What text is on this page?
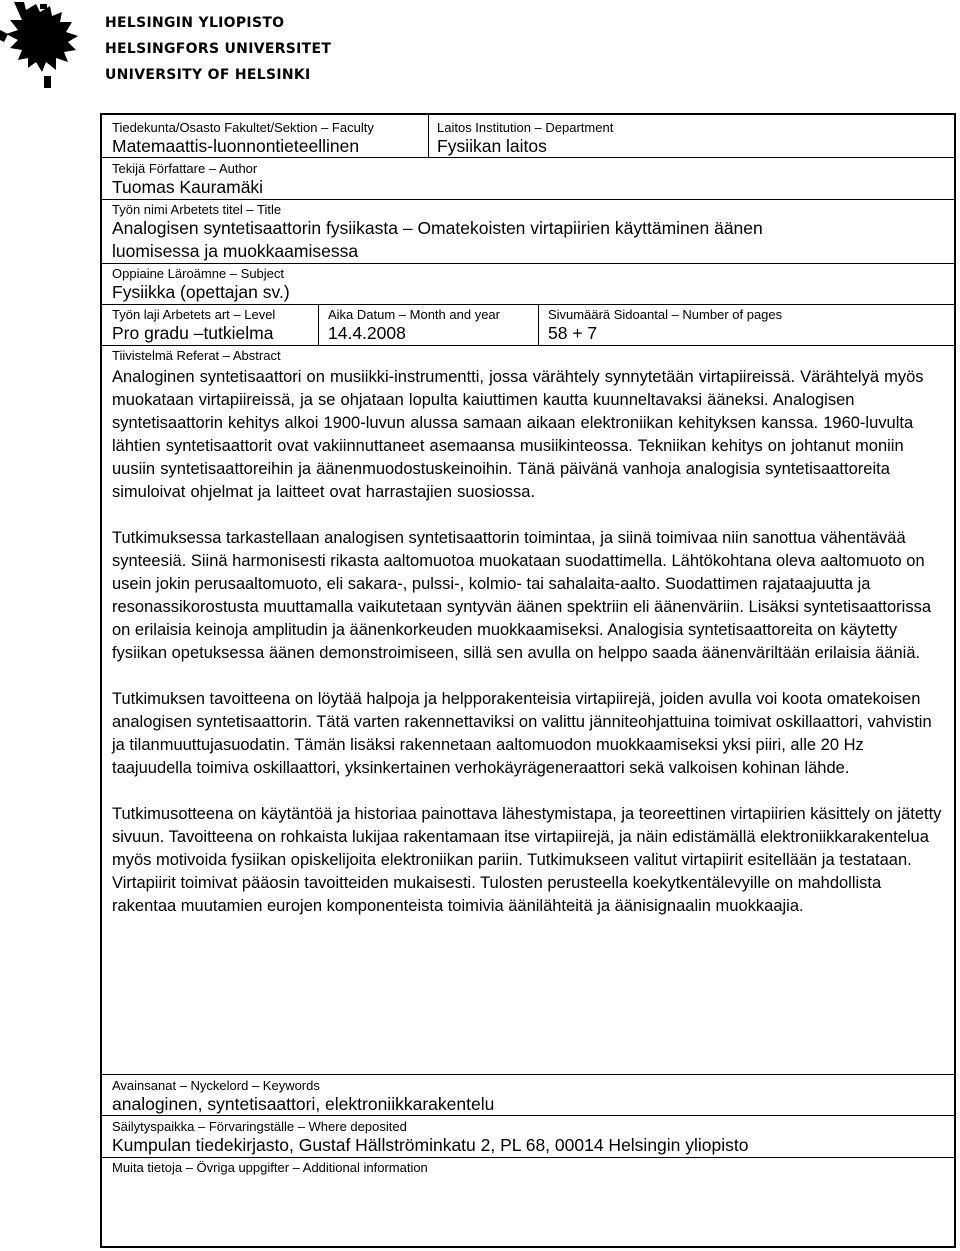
HELSINGIN YLIOPISTO
HELSINGFORS UNIVERSITET
UNIVERSITY OF HELSINKI
Tiedekunta/Osasto Fakultet/Sektion – Faculty
Matemaattis-luonnontieteellinen
Laitos Institution – Department
Fysiikan laitos
Tekijä Författare – Author
Tuomas Kauramäki
Työn nimi Arbetets titel – Title
Analogisen syntetisaattorin fysiikasta – Omatekoisten virtapiirien käyttäminen äänen
luomisessa ja muokkaamisessa
Oppiaine Läroämne – Subject
Fysiikka (opettajan sv.)
Työn laji Arbetets art – Level
Pro gradu –tutkielma
Aika Datum – Month and year
14.4.2008
Sivumäärä Sidoantal – Number of pages
58 + 7
Tiivistelmä Referat – Abstract

Analoginen syntetisaattori on musiikki-instrumentti, jossa värähtely synnytetään virtapiireissä. Värähtelyä myös muokataan virtapiireissä, ja se ohjataan lopulta kaiuttimen kautta kuunneltavaksi ääneksi. Analogisen syntetisaattorin kehitys alkoi 1900-luvun alussa samaan aikaan elektroniikan kehityksen kanssa. 1960-luvulta lähtien syntetisaattorit ovat vakiinnuttaneet asemaansa musiikinteossa. Tekniikan kehitys on johtanut moniin uusiin syntetisaattoreihin ja äänenmuodostuskeinoihin. Tänä päivänä vanhoja analogisia syntetisaattoreita simuloivat ohjelmat ja laitteet ovat harrastajien suosiossa.

Tutkimuksessa tarkastellaan analogisen syntetisaattorin toimintaa, ja siinä toimivaa niin sanottua vähentävää synteesiä. Siinä harmonisesti rikasta aaltomuotoa muokataan suodattimella. Lähtökohtana oleva aaltomuoto on usein jokin perusaaltomuoto, eli sakara-, pulssi-, kolmio- tai sahalaita-aalto. Suodattimen rajataajuutta ja resonassikorostusta muuttamalla vaikutetaan syntyvän äänen spektriin eli äänenväriin. Lisäksi syntetisaattorissa on erilaisia keinoja amplitudin ja äänenkorkeuden muokkaamiseksi. Analogisia syntetisaattoreita on käytetty fysiikan opetuksessa äänen demonstroimiseen, sillä sen avulla on helppo saada äänenväriltään erilaisia ääniä.

Tutkimuksen tavoitteena on löytää halpoja ja helpporakenteisia virtapiirejä, joiden avulla voi koota omatekoisen analogisen syntetisaattorin. Tätä varten rakennettaviksi on valittu jänniteohjattuina toimivat oskillaattori, vahvistin ja tilanmuuttujasuodatin. Tämän lisäksi rakennetaan aaltomuodon muokkaamiseksi yksi piiri, alle 20 Hz taajuudella toimiva oskillaattori, yksinkertainen verhokäyrägeneraattori sekä valkoisen kohinan lähde.

Tutkimusotteena on käytäntöä ja historiaa painottava lähestymistapa, ja teoreettinen virtapiirien käsittely on jätetty sivuun. Tavoitteena on rohkaista lukijaa rakentamaan itse virtapiirejä, ja näin edistämällä elektroniikkarakentelua myös motivoida fysiikan opiskelijoita elektroniikan pariin. Tutkimukseen valitut virtapiirit esitellään ja testataan. Virtapiirit toimivat pääosin tavoitteiden mukaisesti. Tulosten perusteella koekytkentälevyille on mahdollista rakentaa muutamien eurojen komponenteista toimivia äänilähteitä ja äänisignaalin muokkaajia.

Avainsanat – Nyckelord – Keywords
analoginen, syntetisaattori, elektroniikkarakentelu
Säilytyspaikka – Förvaringställe – Where deposited
Kumpulan tiedekirjasto, Gustaf Hällströminkatu 2, PL 68, 00014 Helsingin yliopisto
Muita tietoja – Övriga uppgifter – Additional information
